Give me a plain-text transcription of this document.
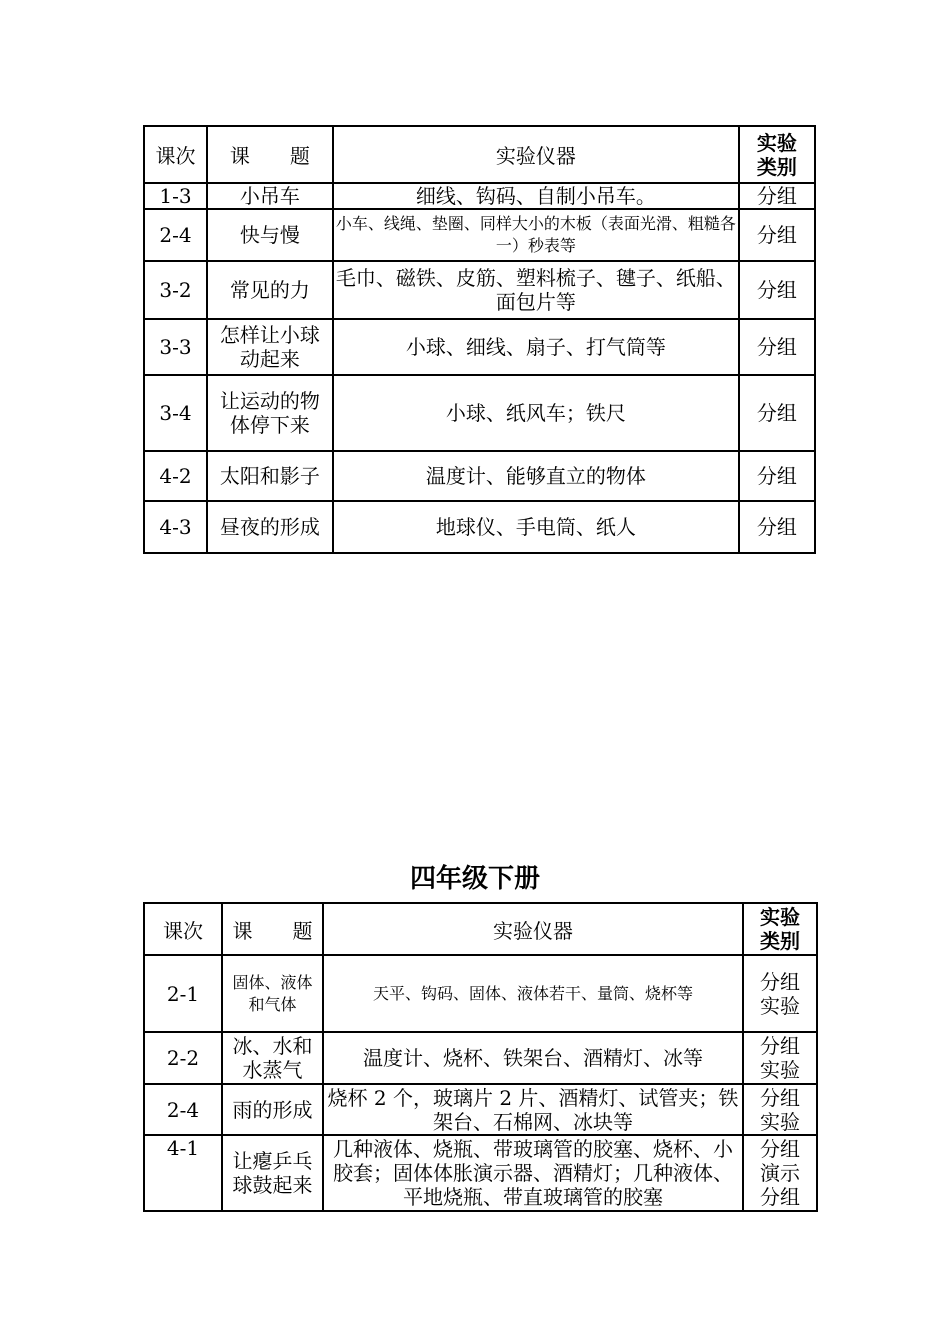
课次	课　　题	实验仪器	实验
类别
1-3	小吊车	细线、钩码、自制小吊车。	分组
2-4	快与慢	小车、线绳、垫圈、同样大小的木板（表面光滑、粗糙各一）秒表等	分组
3-2	常见的力	毛巾、磁铁、皮筋、塑料梳子、毽子、纸船、面包片等	分组
3-3	怎样让小球动起来	小球、细线、扇子、打气筒等	分组
3-4	让运动的物体停下来	小球、纸风车；铁尺	分组
4-2	太阳和影子	温度计、能够直立的物体	分组
4-3	昼夜的形成	地球仪、手电筒、纸人	分组
四年级下册
课次	课　　题	实验仪器	实验
类别
2-1	固体、液体和气体	天平、钩码、固体、液体若干、量筒、烧杯等	分组
实验
2-2	冰、水和水蒸气	温度计、烧杯、铁架台、酒精灯、冰等	分组
实验
2-4	雨的形成	烧杯 2 个，玻璃片 2 片、酒精灯、试管夹；铁架台、石棉网、冰块等	分组
实验
4-1	让瘪乒乓球鼓起来	几种液体、烧瓶、带玻璃管的胶塞、烧杯、小胶套；固体体胀演示器、酒精灯；几种液体、平地烧瓶、带直玻璃管的胶塞	分组
演示
分组
